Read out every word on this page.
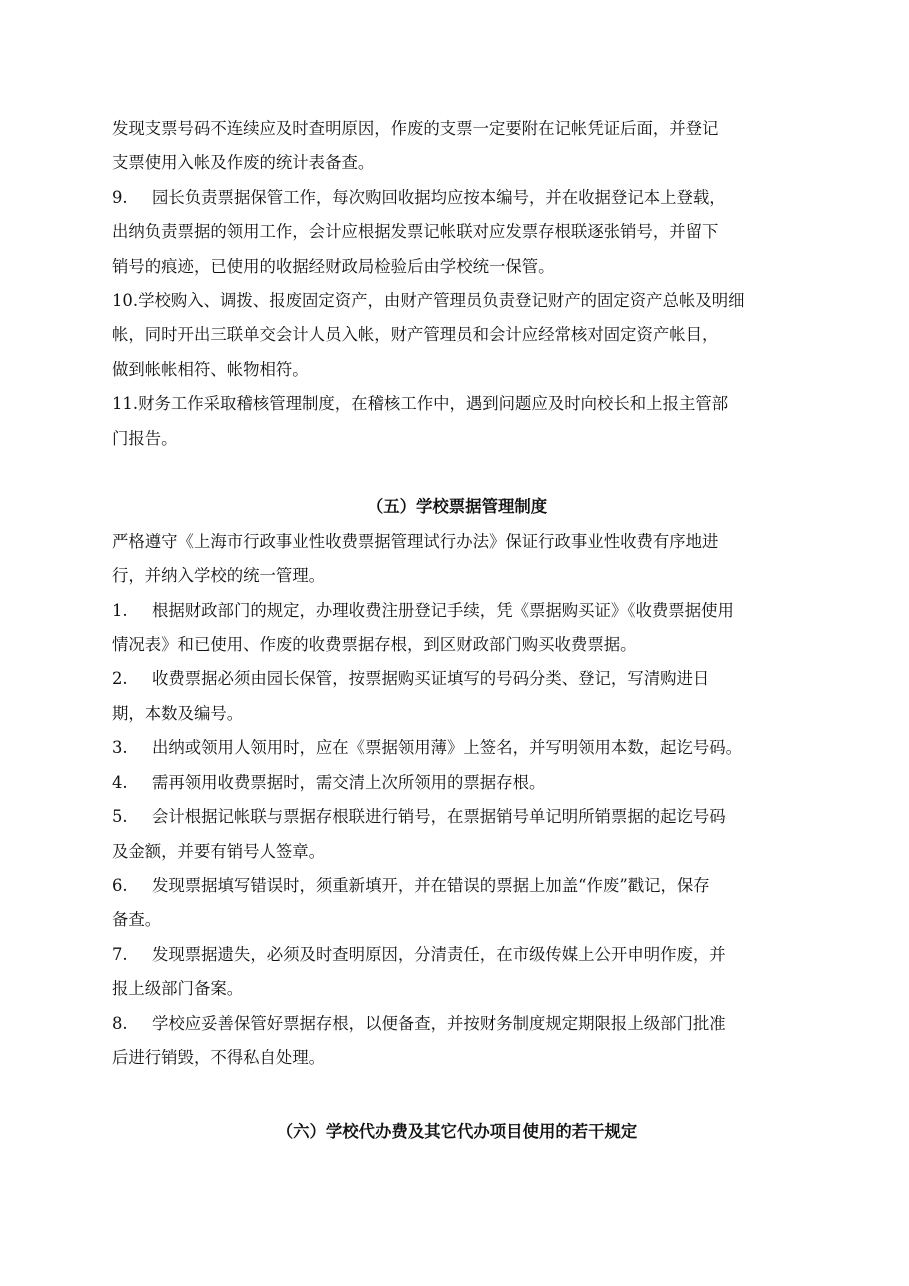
发现支票号码不连续应及时查明原因，作废的支票一定要附在记帐凭证后面，并登记
支票使用入帐及作废的统计表备查。
9.	园长负责票据保管工作，每次购回收据均应按本编号，并在收据登记本上登载，
出纳负责票据的领用工作，会计应根据发票记帐联对应发票存根联逐张销号，并留下
销号的痕迹，已使用的收据经财政局检验后由学校统一保管。
10.学校购入、调拨、报废固定资产，由财产管理员负责登记财产的固定资产总帐及明细
帐，同时开出三联单交会计人员入帐，财产管理员和会计应经常核对固定资产帐目，
做到帐帐相符、帐物相符。
11.财务工作采取稽核管理制度，在稽核工作中，遇到问题应及时向校长和上报主管部
门报告。
（五）学校票据管理制度
严格遵守《上海市行政事业性收费票据管理试行办法》保证行政事业性收费有序地进
行，并纳入学校的统一管理。
1.	根据财政部门的规定，办理收费注册登记手续，凭《票据购买证》《收费票据使用
情况表》和已使用、作废的收费票据存根，到区财政部门购买收费票据。
2.	收费票据必须由园长保管，按票据购买证填写的号码分类、登记，写清购进日
期，本数及编号。
3.	出纳或领用人领用时，应在《票据领用薄》上签名，并写明领用本数，起讫号码。
4.	需再领用收费票据时，需交清上次所领用的票据存根。
5.	会计根据记帐联与票据存根联进行销号，在票据销号单记明所销票据的起讫号码
及金额，并要有销号人签章。
6.	发现票据填写错误时，须重新填开，并在错误的票据上加盖“作废”戳记，保存
备查。
7.	发现票据遗失，必须及时查明原因，分清责任，在市级传媒上公开申明作废，并
报上级部门备案。
8.	学校应妥善保管好票据存根，以便备查，并按财务制度规定期限报上级部门批准
后进行销毁，不得私自处理。
（六）学校代办费及其它代办项目使用的若干规定
